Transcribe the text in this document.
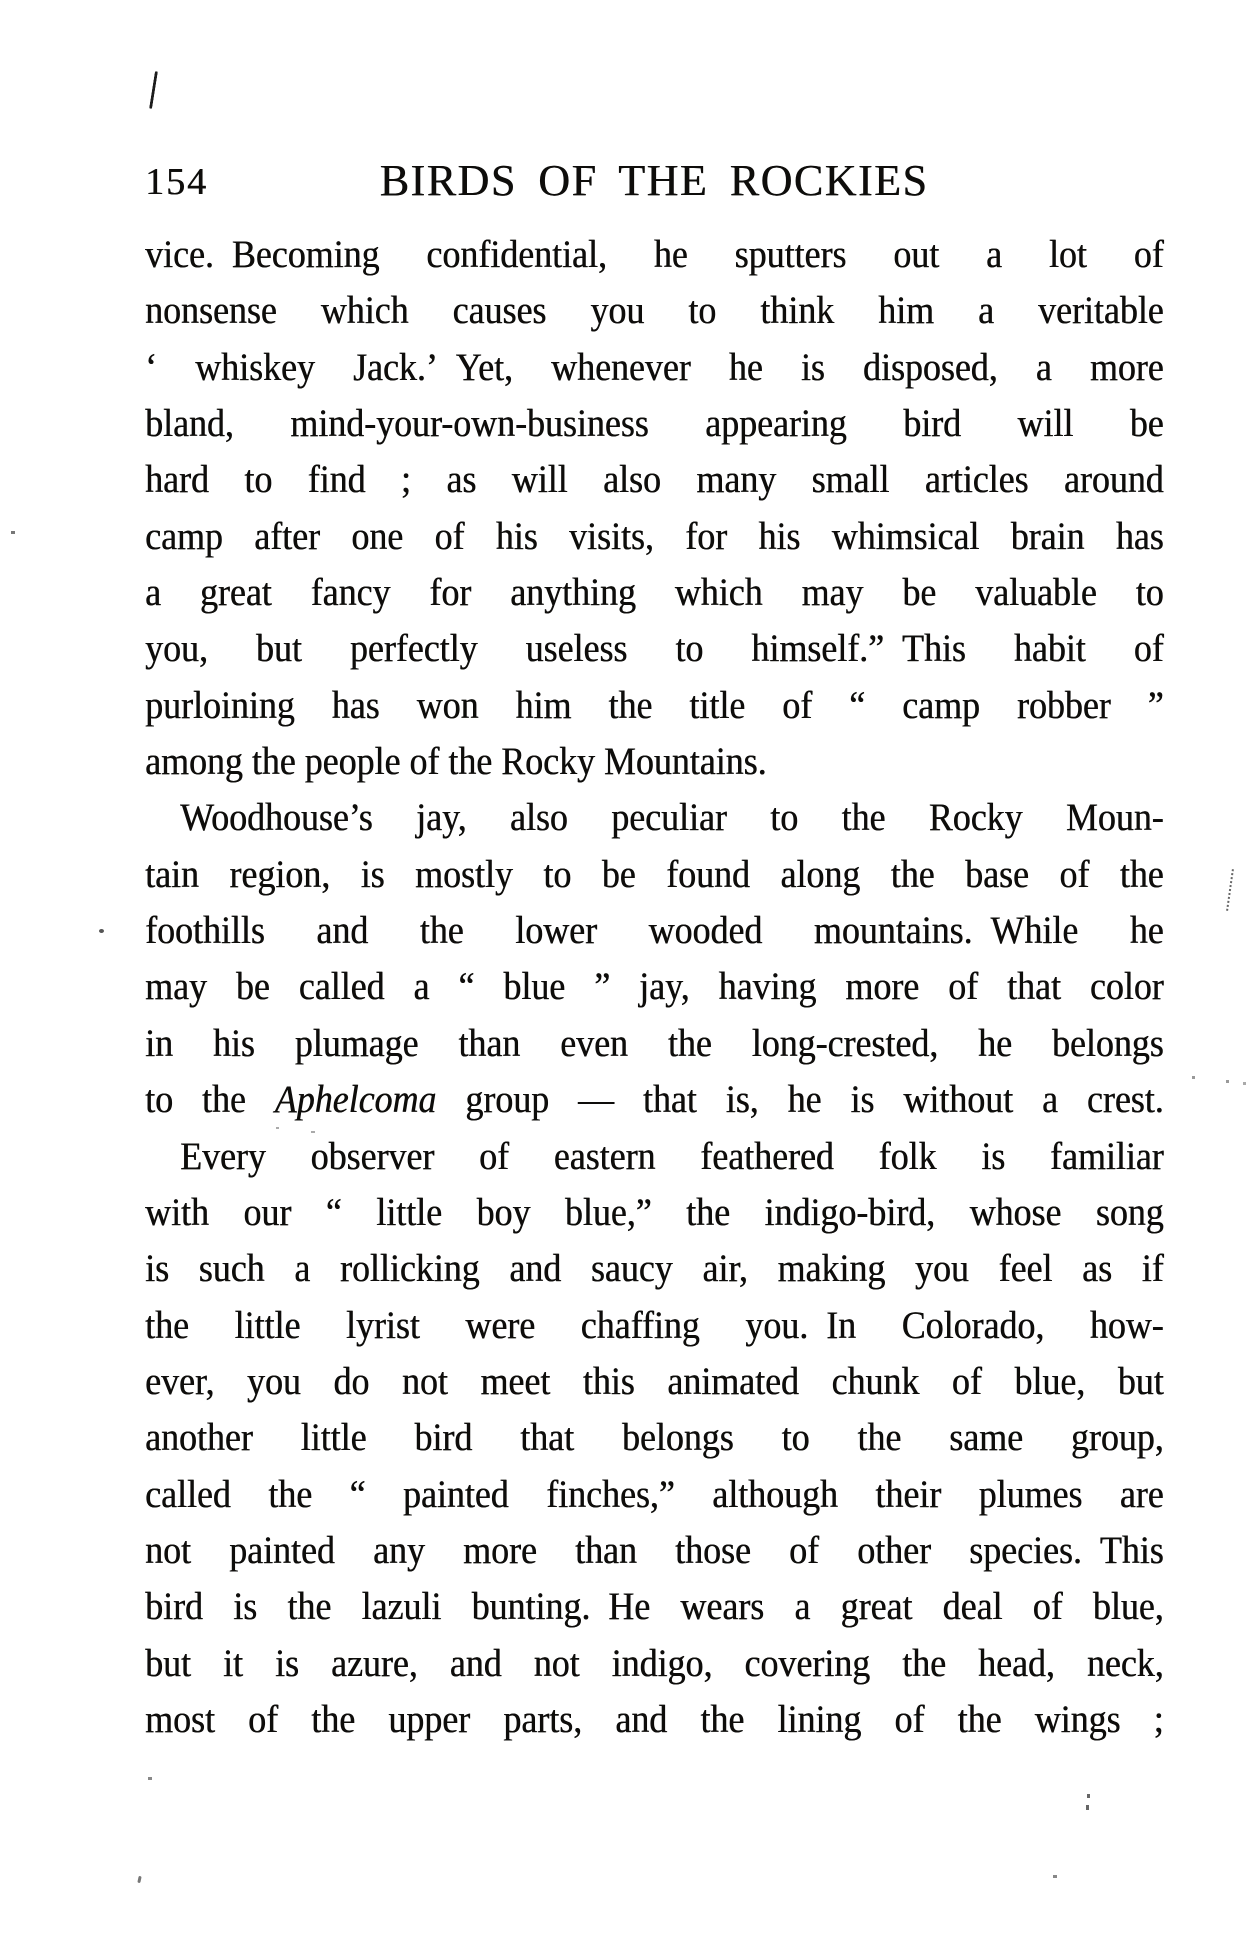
154	BIRDS OF THE ROCKIES
vice. Becoming confidential, he sputters out a lot of
nonsense which causes you to think him a veritable
‘ whiskey Jack.’ Yet, whenever he is disposed, a more
bland, mind-your-own-business appearing bird will be
hard to find ; as will also many small articles around
camp after one of his visits, for his whimsical brain has
a great fancy for anything which may be valuable to
you, but perfectly useless to himself.” This habit of
purloining has won him the title of “ camp robber ”
among the people of the Rocky Mountains.
Woodhouse’s jay, also peculiar to the Rocky Moun-
tain region, is mostly to be found along the base of the
foothills and the lower wooded mountains. While he
may be called a “ blue ” jay, having more of that color
in his plumage than even the long-crested, he belongs
to the Aphelcoma group — that is, he is without a crest.
Every observer of eastern feathered folk is familiar
with our “ little boy blue,” the indigo-bird, whose song
is such a rollicking and saucy air, making you feel as if
the little lyrist were chaffing you. In Colorado, how-
ever, you do not meet this animated chunk of blue, but
another little bird that belongs to the same group,
called the “ painted finches,” although their plumes are
not painted any more than those of other species. This
bird is the lazuli bunting. He wears a great deal of blue,
but it is azure, and not indigo, covering the head, neck,
most of the upper parts, and the lining of the wings ;
